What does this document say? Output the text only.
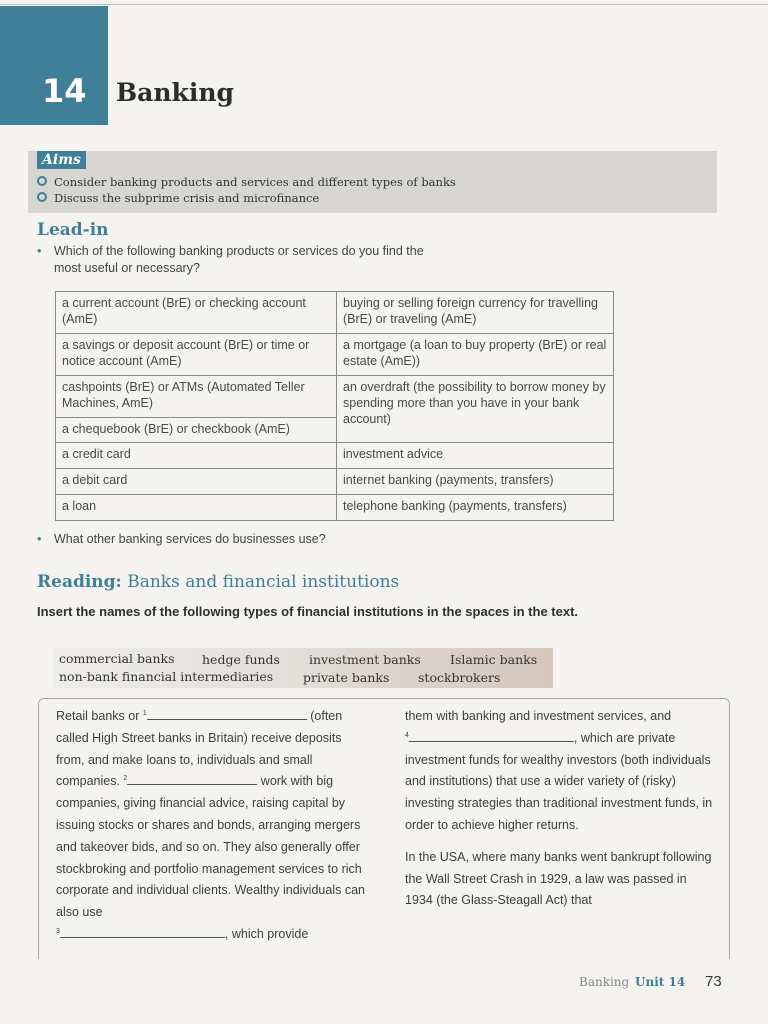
14 Banking
Aims
Consider banking products and services and different types of banks
Discuss the subprime crisis and microfinance
Lead-in
• Which of the following banking products or services do you find the
most useful or necessary?
a current account (BrE) or checking account (AmE)	buying or selling foreign currency for travelling (BrE) or traveling (AmE)
a savings or deposit account (BrE) or time or notice account (AmE)	a mortgage (a loan to buy property (BrE) or real estate (AmE))
cashpoints (BrE) or ATMs (Automated Teller Machines, AmE)	an overdraft (the possibility to borrow money by spending more than you have in your bank account)
a chequebook (BrE) or checkbook (AmE)	
a credit card	investment advice
a debit card	internet banking (payments, transfers)
a loan	telephone banking (payments, transfers)
• What other banking services do businesses use?
Reading: Banks and financial institutions
Insert the names of the following types of financial institutions in the spaces in the text.
commercial banks hedge funds investment banks Islamic banks
non-bank financial intermediaries private banks stockbrokers

Retail banks or $^1$	(often called High Street banks in Britain) receive deposits from, and make loans to, individuals and small companies. $^2$	work with big companies, giving financial advice, raising capital by issuing stocks or shares and bonds, arranging mergers and takeover bids, and so on. They also generally offer stockbroking and portfolio management services to rich corporate and individual clients. Wealthy individuals can also use
$^3$	, which provide

them with banking and investment services, and
$^4$	, which are private investment funds for wealthy investors (both individuals and institutions) that use a wider variety of (risky) investing strategies than traditional investment funds, in order to achieve higher returns.

In the USA, where many banks went bankrupt following the Wall Street Crash in 1929, a law was passed in 1934 (the Glass-Steagall Act) that

Banking Unit 14 73
